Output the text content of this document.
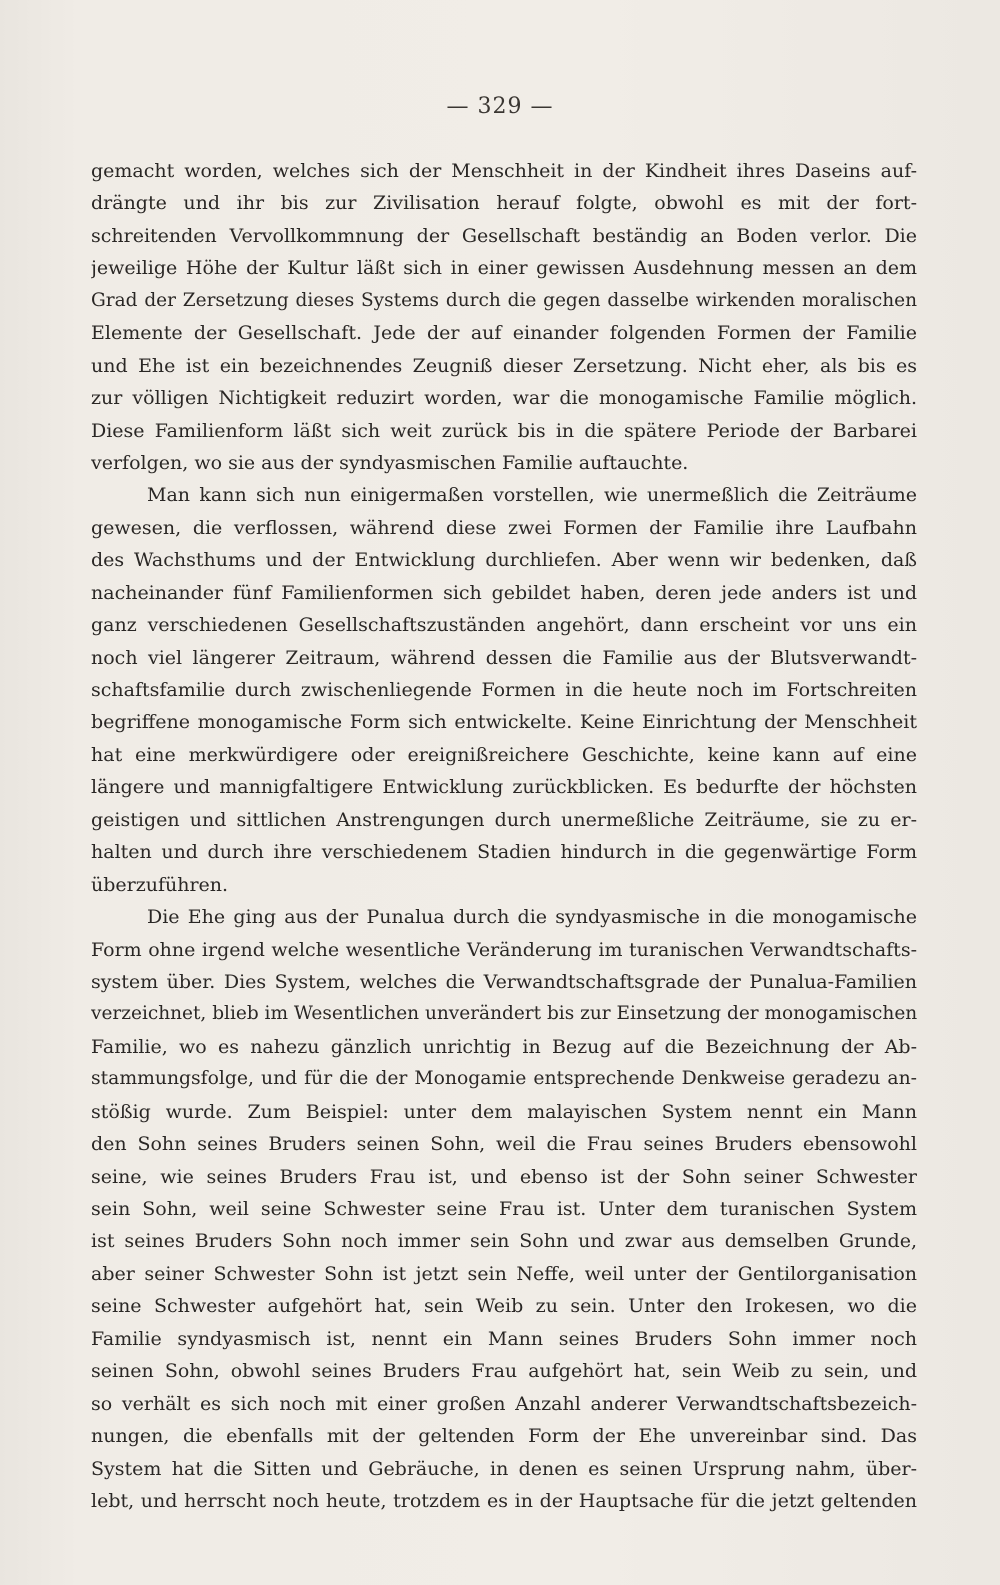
— 329 —
gemacht worden, welches sich der Menschheit in der Kindheit ihres Daseins auf-
drängte und ihr bis zur Zivilisation herauf folgte, obwohl es mit der fort-
schreitenden Vervollkommnung der Gesellschaft beständig an Boden verlor. Die
jeweilige Höhe der Kultur läßt sich in einer gewissen Ausdehnung messen an dem
Grad der Zersetzung dieses Systems durch die gegen dasselbe wirkenden moralischen
Elemente der Gesellschaft. Jede der auf einander folgenden Formen der Familie
und Ehe ist ein bezeichnendes Zeugniß dieser Zersetzung. Nicht eher, als bis es
zur völligen Nichtigkeit reduzirt worden, war die monogamische Familie möglich.
Diese Familienform läßt sich weit zurück bis in die spätere Periode der Barbarei
verfolgen, wo sie aus der syndyasmischen Familie auftauchte.
Man kann sich nun einigermaßen vorstellen, wie unermeßlich die Zeiträume
gewesen, die verflossen, während diese zwei Formen der Familie ihre Laufbahn
des Wachsthums und der Entwicklung durchliefen. Aber wenn wir bedenken, daß
nacheinander fünf Familienformen sich gebildet haben, deren jede anders ist und
ganz verschiedenen Gesellschaftszuständen angehört, dann erscheint vor uns ein
noch viel längerer Zeitraum, während dessen die Familie aus der Blutsverwandt-
schaftsfamilie durch zwischenliegende Formen in die heute noch im Fortschreiten
begriffene monogamische Form sich entwickelte. Keine Einrichtung der Menschheit
hat eine merkwürdigere oder ereignißreichere Geschichte, keine kann auf eine
längere und mannigfaltigere Entwicklung zurückblicken. Es bedurfte der höchsten
geistigen und sittlichen Anstrengungen durch unermeßliche Zeiträume, sie zu er-
halten und durch ihre verschiedenem Stadien hindurch in die gegenwärtige Form
überzuführen.
Die Ehe ging aus der Punalua durch die syndyasmische in die monogamische
Form ohne irgend welche wesentliche Veränderung im turanischen Verwandtschafts-
system über. Dies System, welches die Verwandtschaftsgrade der Punalua-Familien
verzeichnet, blieb im Wesentlichen unverändert bis zur Einsetzung der monogamischen
Familie, wo es nahezu gänzlich unrichtig in Bezug auf die Bezeichnung der Ab-
stammungsfolge, und für die der Monogamie entsprechende Denkweise geradezu an-
stößig wurde. Zum Beispiel: unter dem malayischen System nennt ein Mann
den Sohn seines Bruders seinen Sohn, weil die Frau seines Bruders ebensowohl
seine, wie seines Bruders Frau ist, und ebenso ist der Sohn seiner Schwester
sein Sohn, weil seine Schwester seine Frau ist. Unter dem turanischen System
ist seines Bruders Sohn noch immer sein Sohn und zwar aus demselben Grunde,
aber seiner Schwester Sohn ist jetzt sein Neffe, weil unter der Gentilorganisation
seine Schwester aufgehört hat, sein Weib zu sein. Unter den Irokesen, wo die
Familie syndyasmisch ist, nennt ein Mann seines Bruders Sohn immer noch
seinen Sohn, obwohl seines Bruders Frau aufgehört hat, sein Weib zu sein, und
so verhält es sich noch mit einer großen Anzahl anderer Verwandtschaftsbezeich-
nungen, die ebenfalls mit der geltenden Form der Ehe unvereinbar sind. Das
System hat die Sitten und Gebräuche, in denen es seinen Ursprung nahm, über-
lebt, und herrscht noch heute, trotzdem es in der Hauptsache für die jetzt geltenden
